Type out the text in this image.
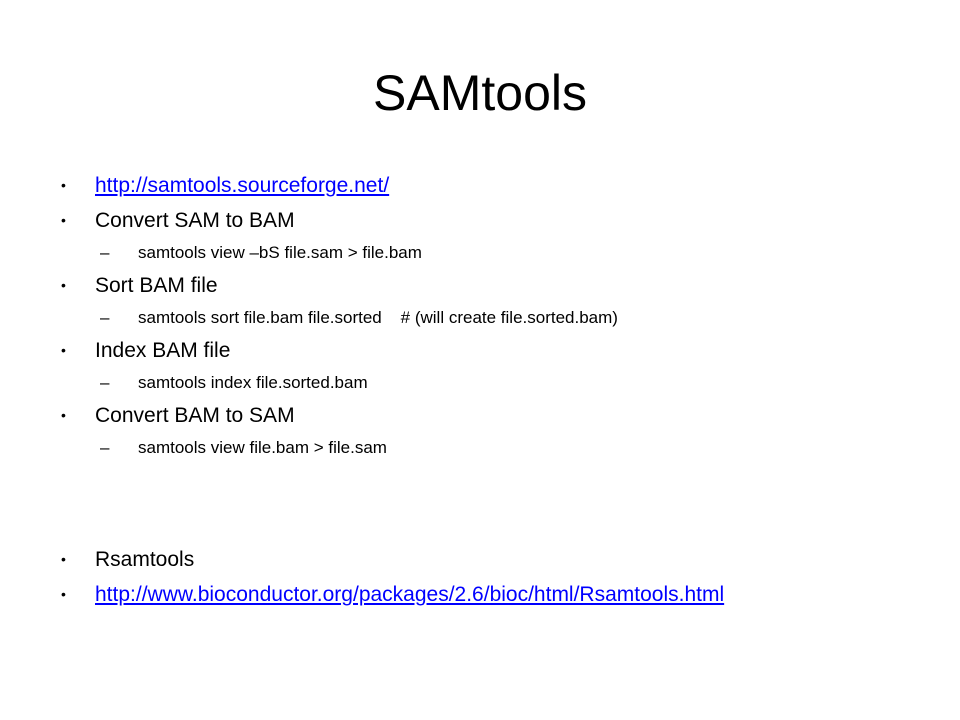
SAMtools
•	http://samtools.sourceforge.net/
•	Convert SAM to BAM
–	samtools view –bS file.sam > file.bam
•	Sort BAM file
–	samtools sort file.bam file.sorted    # (will create file.sorted.bam)
•	Index BAM file
–	samtools index file.sorted.bam
•	Convert BAM to SAM
–	samtools view file.bam > file.sam
•	Rsamtools
•	http://www.bioconductor.org/packages/2.6/bioc/html/Rsamtools.html
